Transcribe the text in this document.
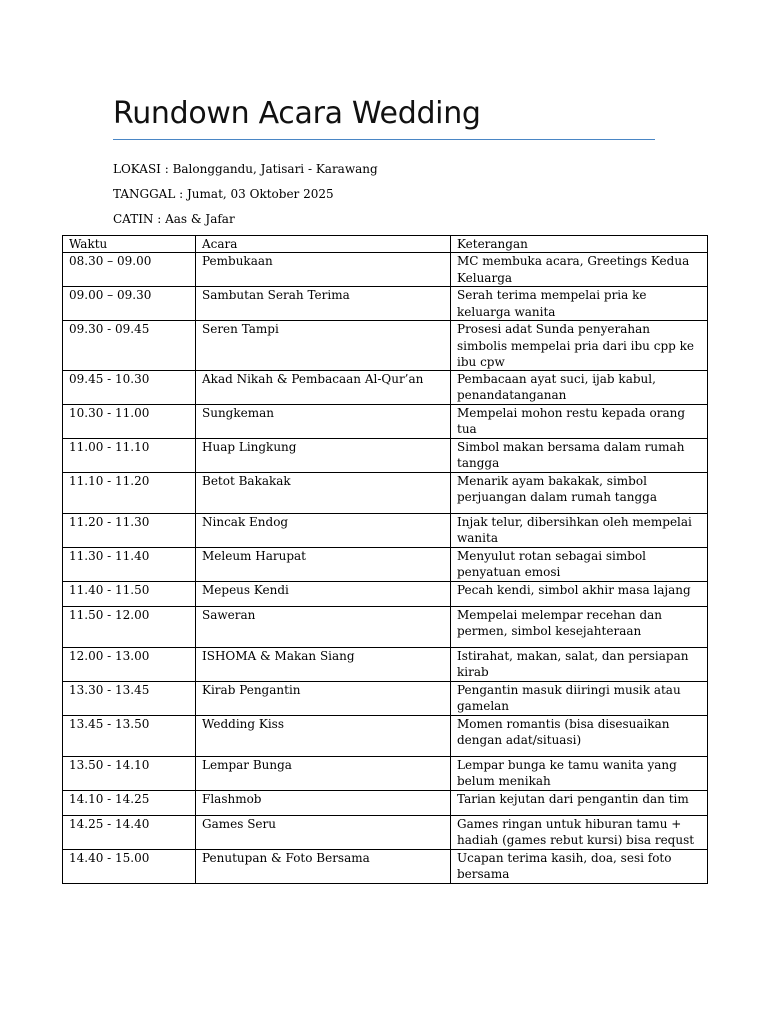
Rundown Acara Wedding
LOKASI : Balonggandu, Jatisari - Karawang
TANGGAL : Jumat, 03 Oktober 2025
CATIN : Aas & Jafar
Waktu	Acara	Keterangan
08.30 – 09.00	Pembukaan	MC membuka acara, Greetings Kedua Keluarga
09.00 – 09.30	Sambutan Serah Terima	Serah terima mempelai pria ke keluarga wanita
09.30 - 09.45	Seren Tampi	Prosesi adat Sunda penyerahan simbolis mempelai pria dari ibu cpp ke ibu cpw
09.45 - 10.30	Akad Nikah & Pembacaan Al-Qur’an	Pembacaan ayat suci, ijab kabul, penandatanganan
10.30 - 11.00	Sungkeman	Mempelai mohon restu kepada orang tua
11.00 - 11.10	Huap Lingkung	Simbol makan bersama dalam rumah tangga
11.10 - 11.20	Betot Bakakak	Menarik ayam bakakak, simbol perjuangan dalam rumah tangga
11.20 - 11.30	Nincak Endog	Injak telur, dibersihkan oleh mempelai wanita
11.30 - 11.40	Meleum Harupat	Menyulut rotan sebagai simbol penyatuan emosi
11.40 - 11.50	Mepeus Kendi	Pecah kendi, simbol akhir masa lajang
11.50 - 12.00	Saweran	Mempelai melempar recehan dan permen, simbol kesejahteraan
12.00 - 13.00	ISHOMA & Makan Siang	Istirahat, makan, salat, dan persiapan kirab
13.30 - 13.45	Kirab Pengantin	Pengantin masuk diiringi musik atau gamelan
13.45 - 13.50	Wedding Kiss	Momen romantis (bisa disesuaikan dengan adat/situasi)
13.50 - 14.10	Lempar Bunga	Lempar bunga ke tamu wanita yang belum menikah
14.10 - 14.25	Flashmob	Tarian kejutan dari pengantin dan tim
14.25 - 14.40	Games Seru	Games ringan untuk hiburan tamu + hadiah (games rebut kursi) bisa requst
14.40 - 15.00	Penutupan & Foto Bersama	Ucapan terima kasih, doa, sesi foto bersama
